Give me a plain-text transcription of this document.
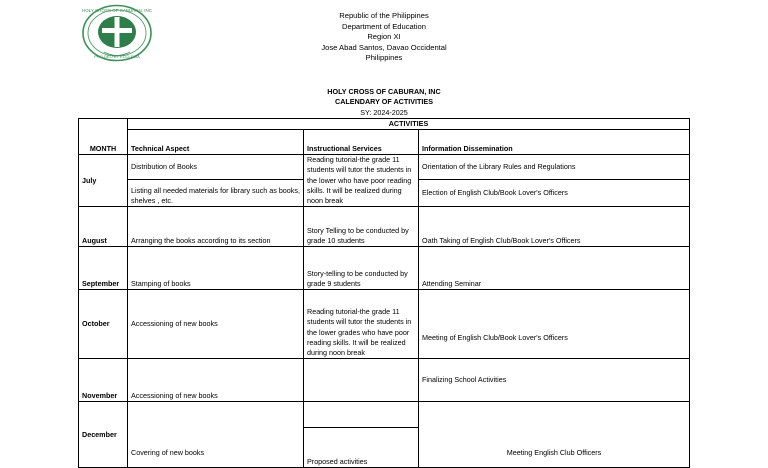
HOLY CROSS OF CABURAN, INC
PRO DEO ET ECCLESIA
Republic of the Philippines
Department of Education
Region XI
Jose Abad Santos, Davao Occidental
Philippines
HOLY CROSS OF CABURAN, INC
CALENDARY OF ACTIVITIES
SY: 2024-2025
MONTH	ACTIVITIES		
	Technical Aspect	Instructional Services	Information Dissemination
July	Distribution of Books	Reading tutorial-the grade 11 students will tutor the students in the lower who have poor reading skills. It will be realized during noon break	Orientation of the Library Rules and Regulations
	Listing all needed materials for library such as books, shelves , etc.		Election of English Club/Book Lover's Officers
August	Arranging the books according to its section	Story Telling to be conducted by grade 10 students	Oath Taking of English Club/Book Lover's Officers
September	Stamping of books	Story-telling to be conducted by grade 9 students	Attending Seminar
October	Accessioning of new books	Reading tutorial-the grade 11 students will tutor the students in the lower grades who have poor reading skills. It will be realized during noon break	Meeting of English Club/Book Lover's Officers
November	Accessioning of new books		Finalizing School Activities
December	Covering of new books		Meeting English Club Officers
		Proposed activities	
